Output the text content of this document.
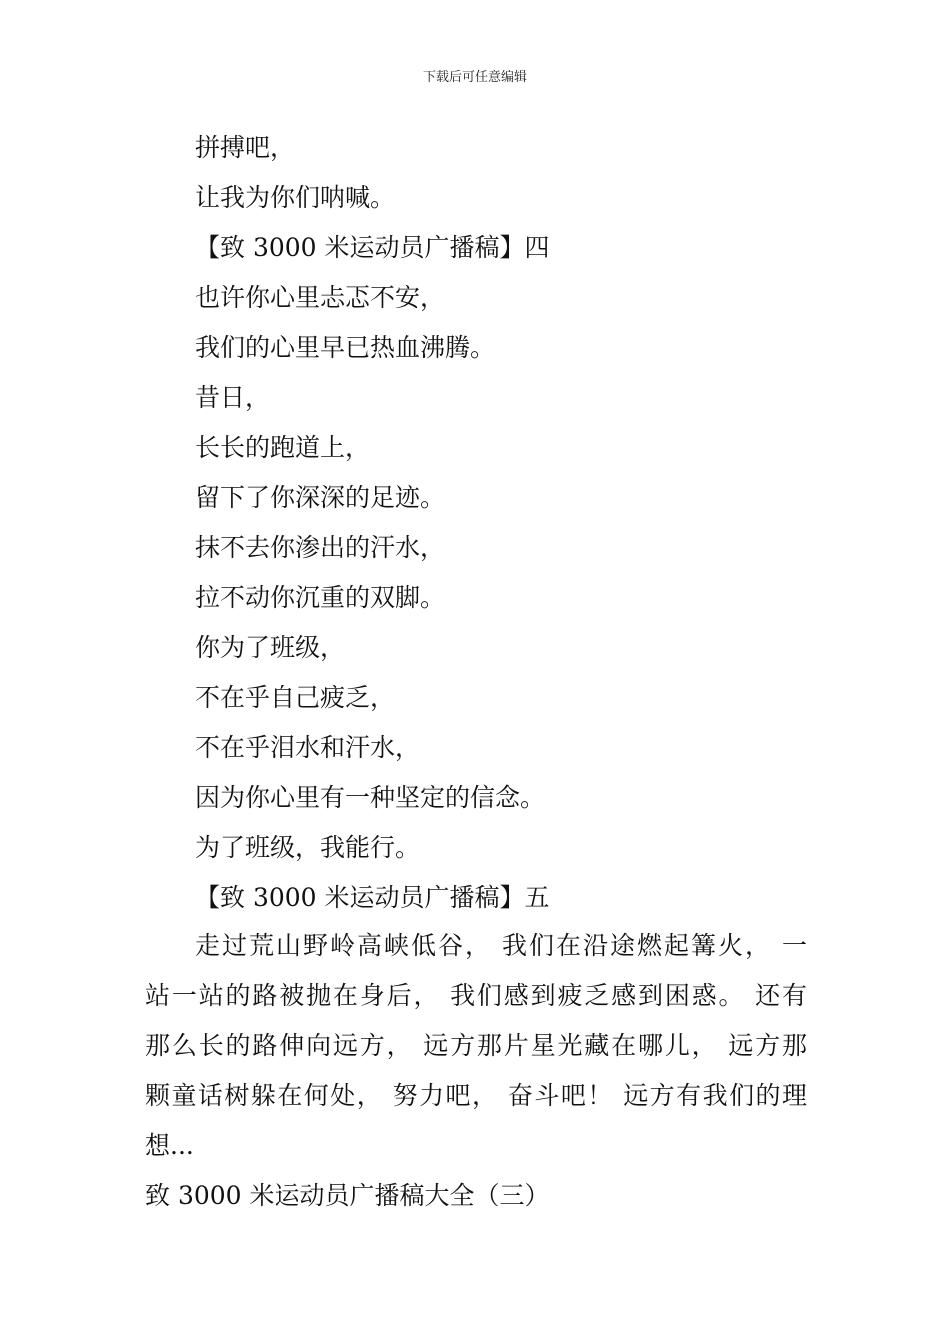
下载后可任意编辑
拼搏吧，
让我为你们呐喊。
【致 3000 米运动员广播稿】四
也许你心里忐忑不安，
我们的心里早已热血沸腾。
昔日，
长长的跑道上，
留下了你深深的足迹。
抹不去你渗出的汗水，
拉不动你沉重的双脚。
你为了班级，
不在乎自己疲乏，
不在乎泪水和汗水，
因为你心里有一种坚定的信念。
为了班级，我能行。
【致 3000 米运动员广播稿】五
走过荒山野岭高峡低谷， 我们在沿途燃起篝火， 一
站一站的路被抛在身后， 我们感到疲乏感到困惑。 还有
那么长的路伸向远方， 远方那片星光藏在哪儿， 远方那
颗童话树躲在何处， 努力吧， 奋斗吧！ 远方有我们的理
想...
致 3000 米运动员广播稿大全（三）
